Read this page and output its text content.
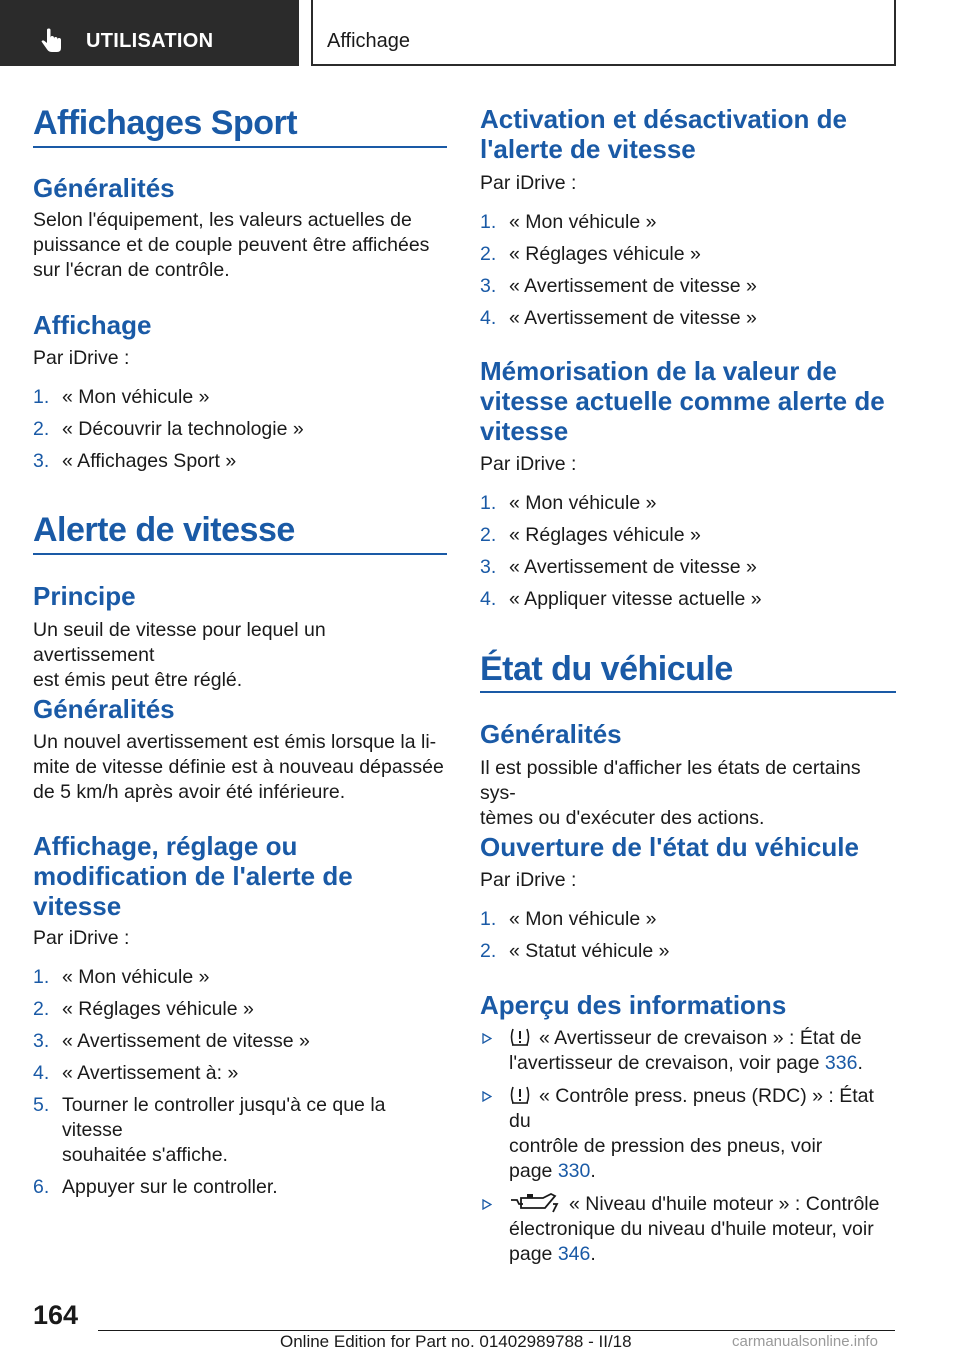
UTILISATION	Affichage
Affichages Sport
Généralités
Selon l'équipement, les valeurs actuelles de
puissance et de couple peuvent être affichées
sur l'écran de contrôle.
Affichage
Par iDrive :
1. « Mon véhicule »
2. « Découvrir la technologie »
3. « Affichages Sport »
Alerte de vitesse
Principe
Un seuil de vitesse pour lequel un avertissement
est émis peut être réglé.
Généralités
Un nouvel avertissement est émis lorsque la li-
mite de vitesse définie est à nouveau dépassée
de 5 km/h après avoir été inférieure.
Affichage, réglage ou
modification de l'alerte de
vitesse
Par iDrive :
1. « Mon véhicule »
2. « Réglages véhicule »
3. « Avertissement de vitesse »
4. « Avertissement à: »
5. Tourner le controller jusqu'à ce que la vitesse
souhaitée s'affiche.
6. Appuyer sur le controller.
Activation et désactivation de
l'alerte de vitesse
Par iDrive :
1. « Mon véhicule »
2. « Réglages véhicule »
3. « Avertissement de vitesse »
4. « Avertissement de vitesse »
Mémorisation de la valeur de
vitesse actuelle comme alerte de
vitesse
Par iDrive :
1. « Mon véhicule »
2. « Réglages véhicule »
3. « Avertissement de vitesse »
4. « Appliquer vitesse actuelle »
État du véhicule
Généralités
Il est possible d'afficher les états de certains sys-
tèmes ou d'exécuter des actions.
Ouverture de l'état du véhicule
Par iDrive :
1. « Mon véhicule »
2. « Statut véhicule »
Aperçu des informations
« Avertisseur de crevaison » : État de
l'avertisseur de crevaison, voir page 336.
« Contrôle press. pneus (RDC) » : État du
contrôle de pression des pneus, voir
page 330.
« Niveau d'huile moteur » : Contrôle
électronique du niveau d'huile moteur, voir
page 346.
164
Online Edition for Part no. 01402989788 - II/18	carmanualsonline.info
